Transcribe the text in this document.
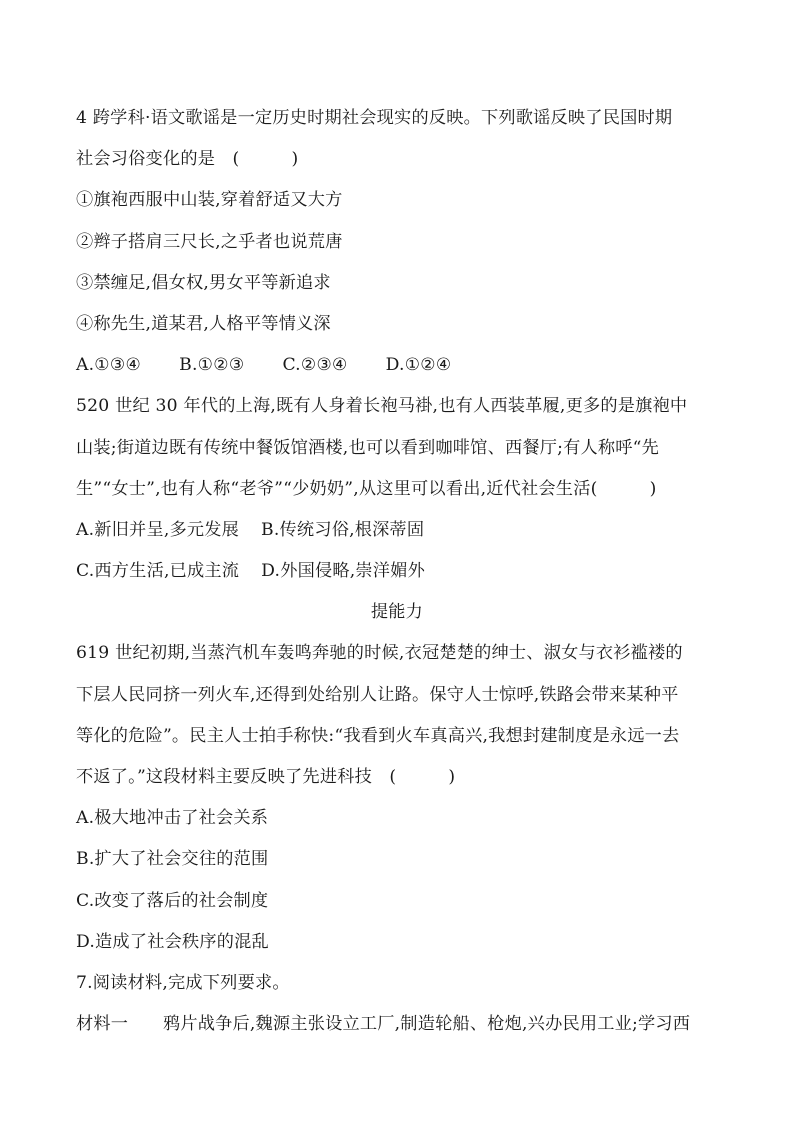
4 跨学科·语文歌谣是一定历史时期社会现实的反映。下列歌谣反映了民国时期
社会习俗变化的是　(　　　)
①旗袍西服中山装,穿着舒适又大方
②辫子搭肩三尺长,之乎者也说荒唐
③禁缠足,倡女权,男女平等新追求
④称先生,道某君,人格平等情义深
A.①③④ B.①②③ C.②③④ D.①②④
520 世纪 30 年代的上海,既有人身着长袍马褂,也有人西装革履,更多的是旗袍中
山装;街道边既有传统中餐饭馆酒楼,也可以看到咖啡馆、西餐厅;有人称呼“先
生”“女士”,也有人称“老爷”“少奶奶”,从这里可以看出,近代社会生活(　　　)
A.新旧并呈,多元发展 B.传统习俗,根深蒂固
C.西方生活,已成主流 D.外国侵略,崇洋媚外
提能力
619 世纪初期,当蒸汽机车轰鸣奔驰的时候,衣冠楚楚的绅士、淑女与衣衫褴褛的
下层人民同挤一列火车,还得到处给别人让路。保守人士惊呼,铁路会带来某种平
等化的危险”。民主人士拍手称快:“我看到火车真高兴,我想封建制度是永远一去
不返了。”这段材料主要反映了先进科技　(　　　)
A.极大地冲击了社会关系
B.扩大了社会交往的范围
C.改变了落后的社会制度
D.造成了社会秩序的混乱
7.阅读材料,完成下列要求。
材料一　　鸦片战争后,魏源主张设立工厂,制造轮船、枪炮,兴办民用工业;学习西
